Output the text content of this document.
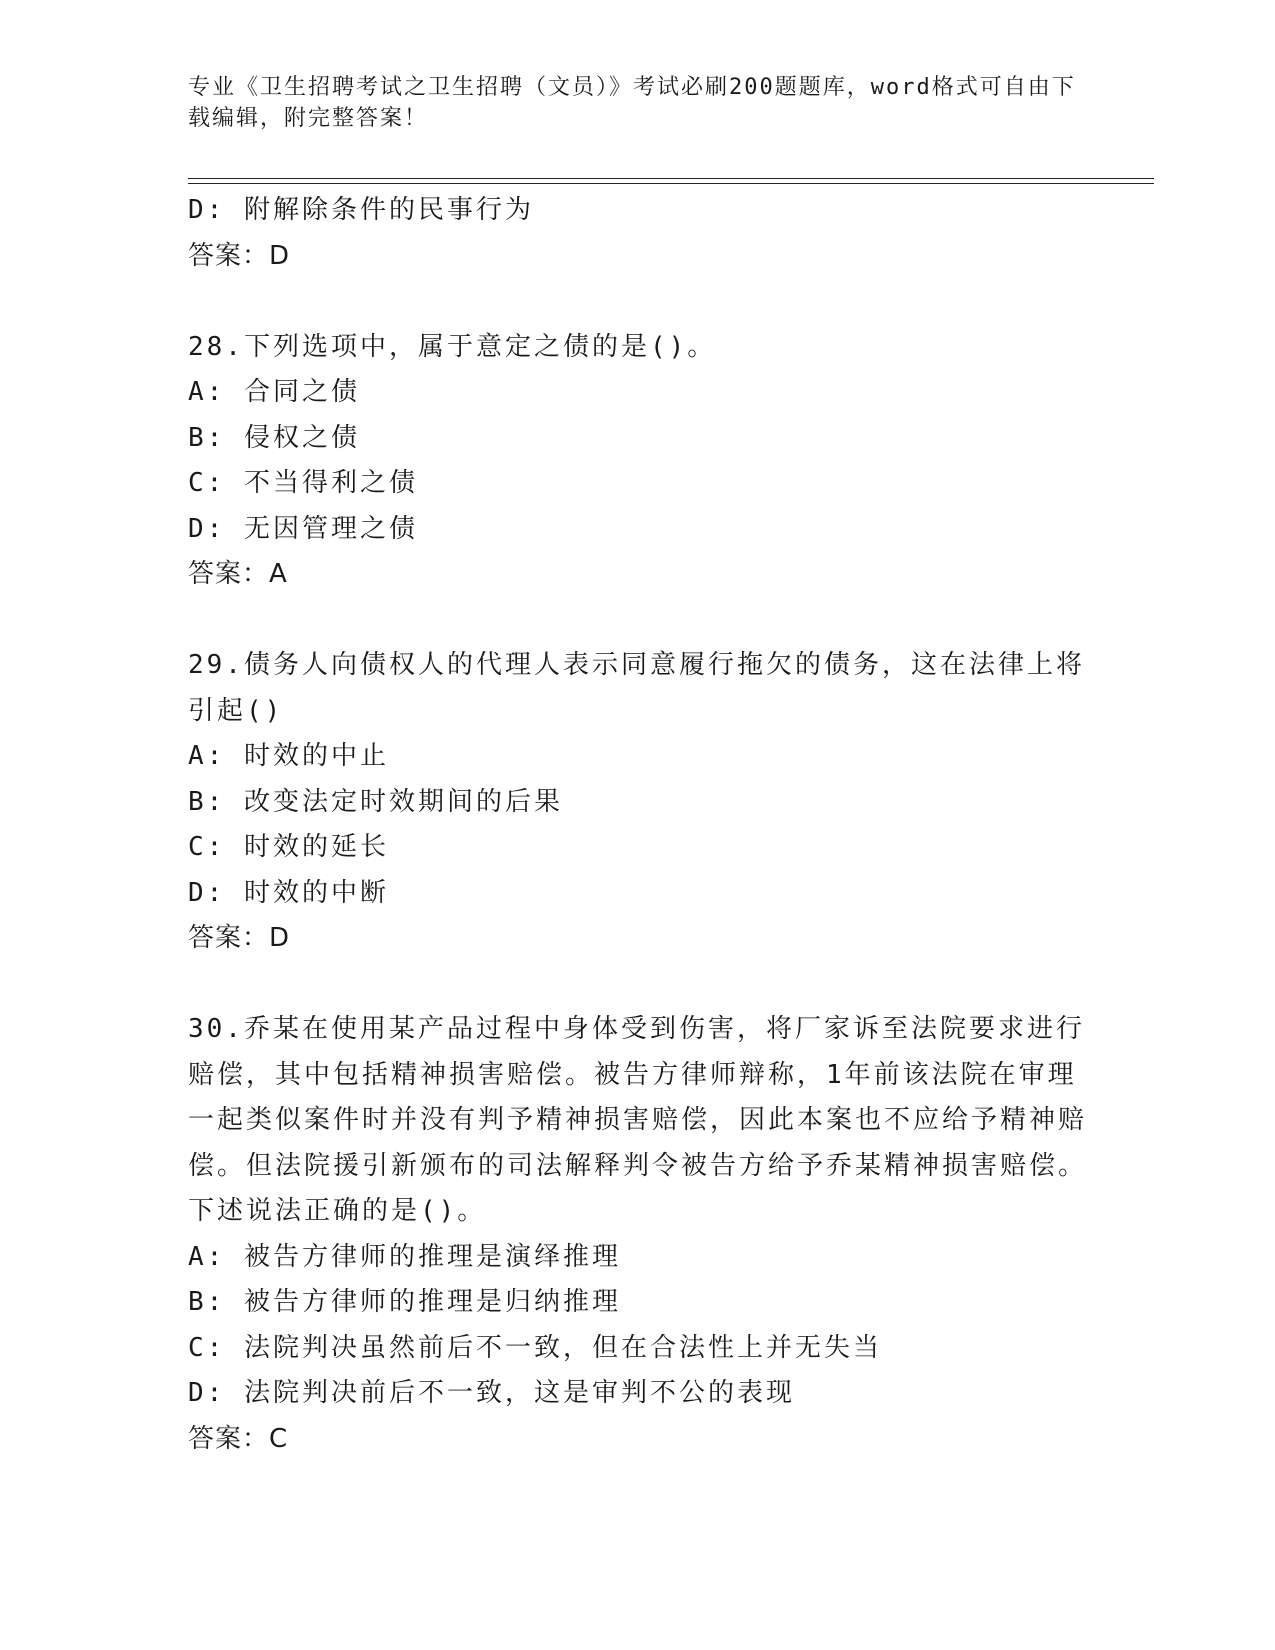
专业《卫生招聘考试之卫生招聘（文员）》考试必刷200题题库，word格式可自由下载编辑，附完整答案！
D: 附解除条件的民事行为
答案：D
28.下列选项中，属于意定之债的是()。
A: 合同之债
B: 侵权之债
C: 不当得利之债
D: 无因管理之债
答案：A
29.债务人向债权人的代理人表示同意履行拖欠的债务，这在法律上将引起()
A: 时效的中止
B: 改变法定时效期间的后果
C: 时效的延长
D: 时效的中断
答案：D
30.乔某在使用某产品过程中身体受到伤害，将厂家诉至法院要求进行赔偿，其中包括精神损害赔偿。被告方律师辩称，1年前该法院在审理一起类似案件时并没有判予精神损害赔偿，因此本案也不应给予精神赔偿。但法院援引新颁布的司法解释判令被告方给予乔某精神损害赔偿。下述说法正确的是()。
A: 被告方律师的推理是演绎推理
B: 被告方律师的推理是归纳推理
C: 法院判决虽然前后不一致，但在合法性上并无失当
D: 法院判决前后不一致，这是审判不公的表现
答案：C
